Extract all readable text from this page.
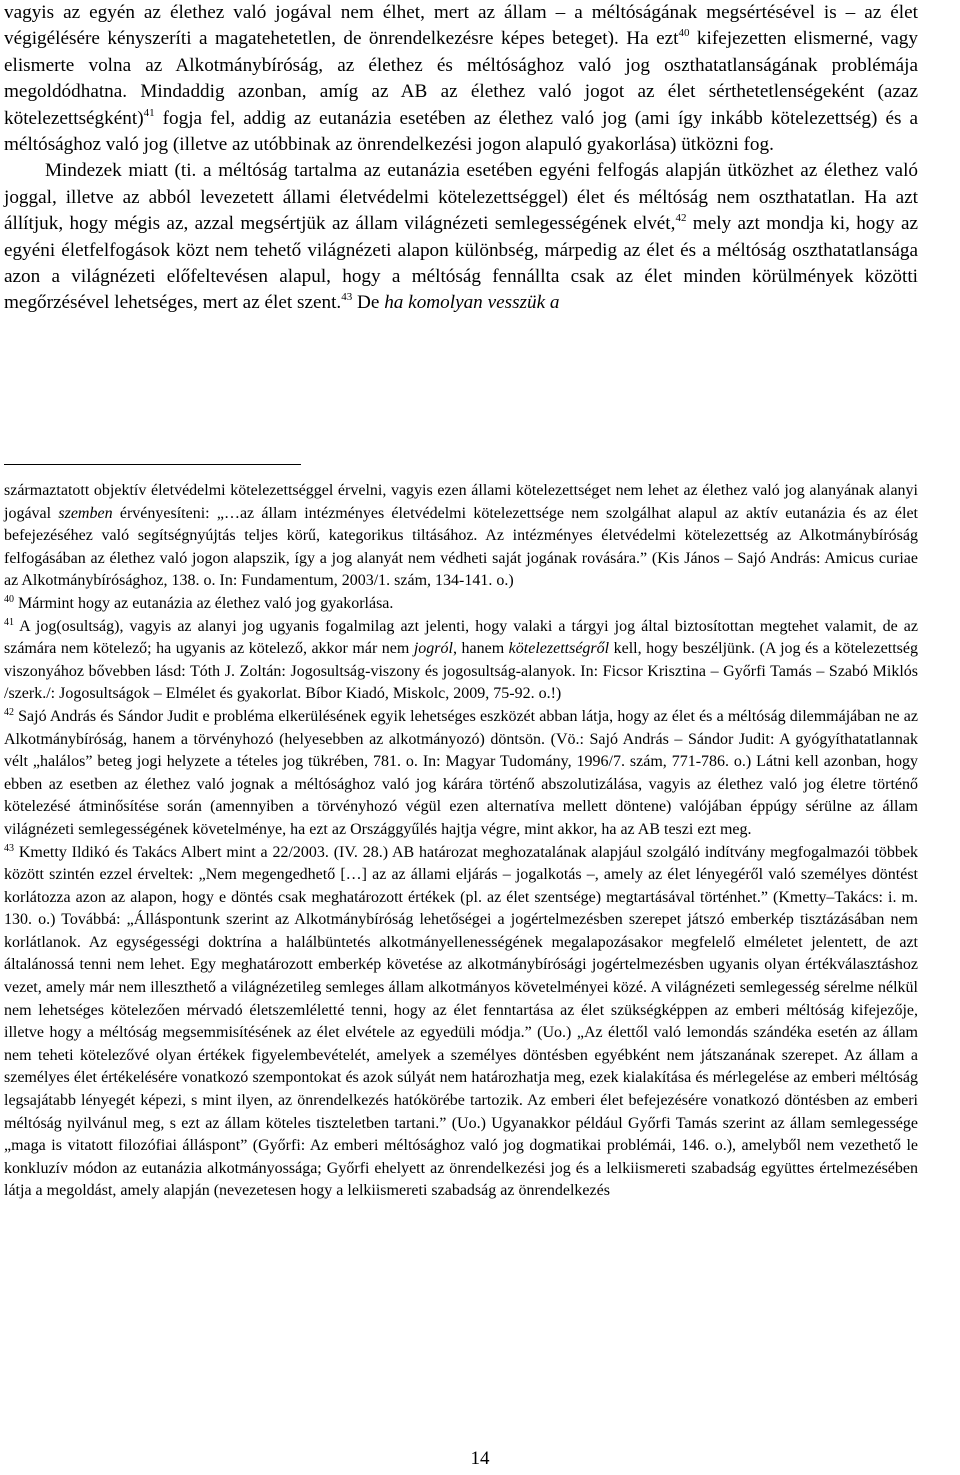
vagyis az egyén az élethez való jogával nem élhet, mert az állam – a méltóságának megsértésével is – az élet végigélésére kényszeríti a magatehetetlen, de önrendelkezésre képes beteget). Ha ezt$^{40}$ kifejezetten elismerné, vagy elismerte volna az Alkotmánybíróság, az élethez és méltósághoz való jog oszthatatlanságának problémája megoldódhatna. Mindaddig azonban, amíg az AB az élethez való jogot az élet sérthetetlenségeként (azaz kötelezettségként)$^{41}$ fogja fel, addig az eutanázia esetében az élethez való jog (ami így inkább kötelezettség) és a méltósághoz való jog (illetve az utóbbinak az önrendelkezési jogon alapuló gyakorlása) ütközni fog.

Mindezek miatt (ti. a méltóság tartalma az eutanázia esetében egyéni felfogás alapján ütközhet az élethez való joggal, illetve az abból levezetett állami életvédelmi kötelezettséggel) élet és méltóság nem oszthatatlan. Ha azt állítjuk, hogy mégis az, azzal megsértjük az állam világnézeti semlegességének elvét,$^{42}$ mely azt mondja ki, hogy az egyéni életfelfogások közt nem tehető világnézeti alapon különbség, márpedig az élet és a méltóság oszthatatlansága azon a világnézeti előfeltevésen alapul, hogy a méltóság fennállta csak az élet minden körülmények közötti megőrzésével lehetséges, mert az élet szent.$^{43}$ De ha komolyan vesszük a

származtatott objektív életvédelmi kötelezettséggel érvelni, vagyis ezen állami kötelezettséget nem lehet az élethez való jog alanyának alanyi jogával szemben érvényesíteni: „…az állam intézményes életvédelmi kötelezettsége nem szolgálhat alapul az aktív eutanázia és az élet befejezéséhez való segítségnyújtás teljes körű, kategorikus tiltásához. Az intézményes életvédelmi kötelezettség az Alkotmánybíróság felfogásában az élethez való jogon alapszik, így a jog alanyát nem védheti saját jogának rovására.” (Kis János – Sajó András: Amicus curiae az Alkotmánybírósághoz, 138. o. In: Fundamentum, 2003/1. szám, 134-141. o.)

$^{40}$ Mármint hogy az eutanázia az élethez való jog gyakorlása.

$^{41}$ A jog(osultság), vagyis az alanyi jog ugyanis fogalmilag azt jelenti, hogy valaki a tárgyi jog által biztosítottan megtehet valamit, de az számára nem kötelező; ha ugyanis az kötelező, akkor már nem jogról, hanem kötelezettségről kell, hogy beszéljünk. (A jog és a kötelezettség viszonyához bővebben lásd: Tóth J. Zoltán: Jogosultság-viszony és jogosultság-alanyok. In: Ficsor Krisztina – Győrfi Tamás – Szabó Miklós /szerk./: Jogosultságok – Elmélet és gyakorlat. Bíbor Kiadó, Miskolc, 2009, 75-92. o.!)

$^{42}$ Sajó András és Sándor Judit e probléma elkerülésének egyik lehetséges eszközét abban látja, hogy az élet és a méltóság dilemmájában ne az Alkotmánybíróság, hanem a törvényhozó (helyesebben az alkotmányozó) döntsön. (Vö.: Sajó András – Sándor Judit: A gyógyíthatatlannak vélt „halálos” beteg jogi helyzete a tételes jog tükrében, 781. o. In: Magyar Tudomány, 1996/7. szám, 771-786. o.) Látni kell azonban, hogy ebben az esetben az élethez való jognak a méltósághoz való jog kárára történő abszolutizálása, vagyis az élethez való jog életre történő kötelezésé átminősítése során (amennyiben a törvényhozó végül ezen alternatíva mellett döntene) valójában éppúgy sérülne az állam világnézeti semlegességének követelménye, ha ezt az Országgyűlés hajtja végre, mint akkor, ha az AB teszi ezt meg.

$^{43}$ Kmetty Ildikó és Takács Albert mint a 22/2003. (IV. 28.) AB határozat meghozatalának alapjául szolgáló indítvány megfogalmazói többek között szintén ezzel érveltek: „Nem megengedhető […] az az állami eljárás – jogalkotás –, amely az élet lényegéről való személyes döntést korlátozza azon az alapon, hogy e döntés csak meghatározott értékek (pl. az élet szentsége) megtartásával történhet.” (Kmetty–Takács: i. m. 130. o.) Továbbá: „Álláspontunk szerint az Alkotmánybíróság lehetőségei a jogértelmezésben szerepet játszó emberkép tisztázásában nem korlátlanok. Az egységességi doktrína a halálbüntetés alkotmányellenességének megalapozásakor megfelelő elméletet jelentett, de azt általánossá tenni nem lehet. Egy meghatározott emberkép követése az alkotmánybírósági jogértelmezésben ugyanis olyan értékválasztáshoz vezet, amely már nem illeszthető a világnézetileg semleges állam alkotmányos követelményei közé. A világnézeti semlegesség sérelme nélkül nem lehetséges kötelezően mérvadó életszemléletté tenni, hogy az élet fenntartása az élet szükségképpen az emberi méltóság kifejezője, illetve hogy a méltóság megsemmisítésének az élet elvétele az egyedüli módja.” (Uo.) „Az élettől való lemondás szándéka esetén az állam nem teheti kötelezővé olyan értékek figyelembevételét, amelyek a személyes döntésben egyébként nem játszanának szerepet. Az állam a személyes élet értékelésére vonatkozó szempontokat és azok súlyát nem határozhatja meg, ezek kialakítása és mérlegelése az emberi méltóság legsajátabb lényegét képezi, s mint ilyen, az önrendelkezés hatókörébe tartozik. Az emberi élet befejezésére vonatkozó döntésben az emberi méltóság nyilvánul meg, s ezt az állam köteles tiszteletben tartani.” (Uo.) Ugyanakkor például Győrfi Tamás szerint az állam semlegessége „maga is vitatott filozófiai álláspont” (Győrfi: Az emberi méltósághoz való jog dogmatikai problémái, 146. o.), amelyből nem vezethető le konkluzív módon az eutanázia alkotmányossága; Győrfi ehelyett az önrendelkezési jog és a lelkiismereti szabadság együttes értelmezésében látja a megoldást, amely alapján (nevezetesen hogy a lelkiismereti szabadság az önrendelkezés

14
